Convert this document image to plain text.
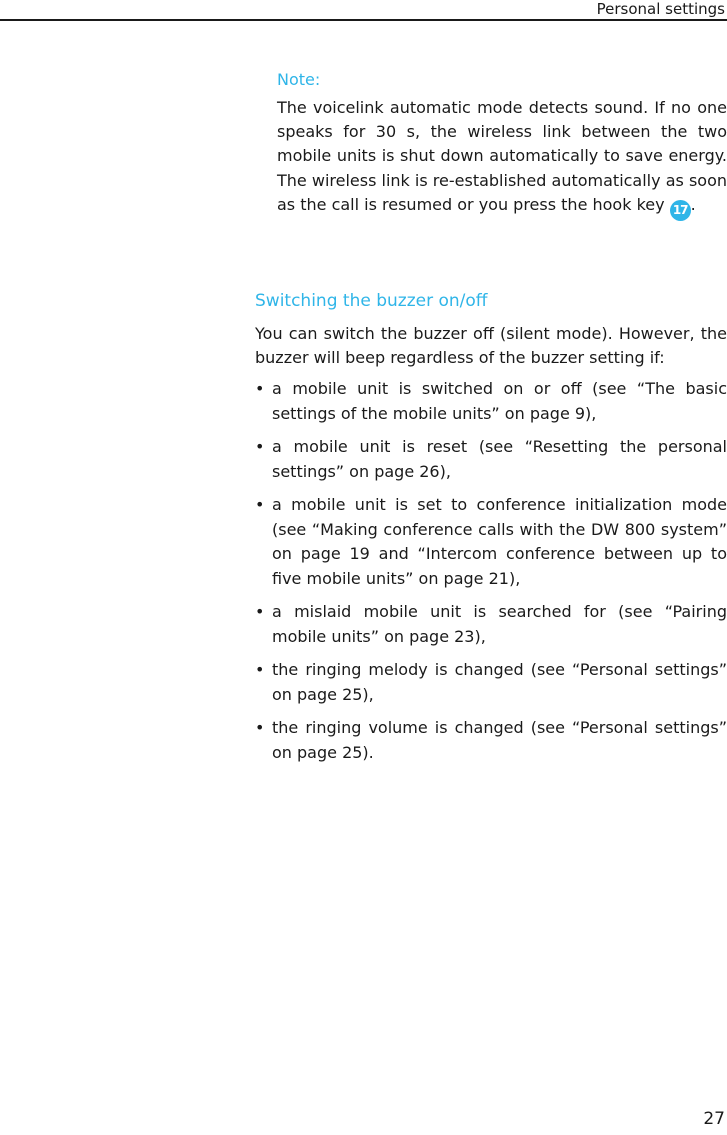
Personal settings

Note:

The voicelink automatic mode detects sound. If no one speaks for 30 s, the wireless link between the two mobile units is shut down automatically to save energy. The wireless link is re-established automatically as soon as the call is resumed or you press the hook key 17 .

Switching the buzzer on/off

You can switch the buzzer off (silent mode). However, the buzzer will beep regardless of the buzzer setting if:

• a mobile unit is switched on or off (see “The basic settings of the mobile units” on page 9),
• a mobile unit is reset (see “Resetting the personal settings” on page 26),
• a mobile unit is set to conference initialization mode (see “Making conference calls with the DW 800 system” on page 19 and “Intercom conference between up to five mobile units” on page 21),
• a mislaid mobile unit is searched for (see “Pairing mobile units” on page 23),
• the ringing melody is changed (see “Personal settings” on page 25),
• the ringing volume is changed (see “Personal settings” on page 25).
27
